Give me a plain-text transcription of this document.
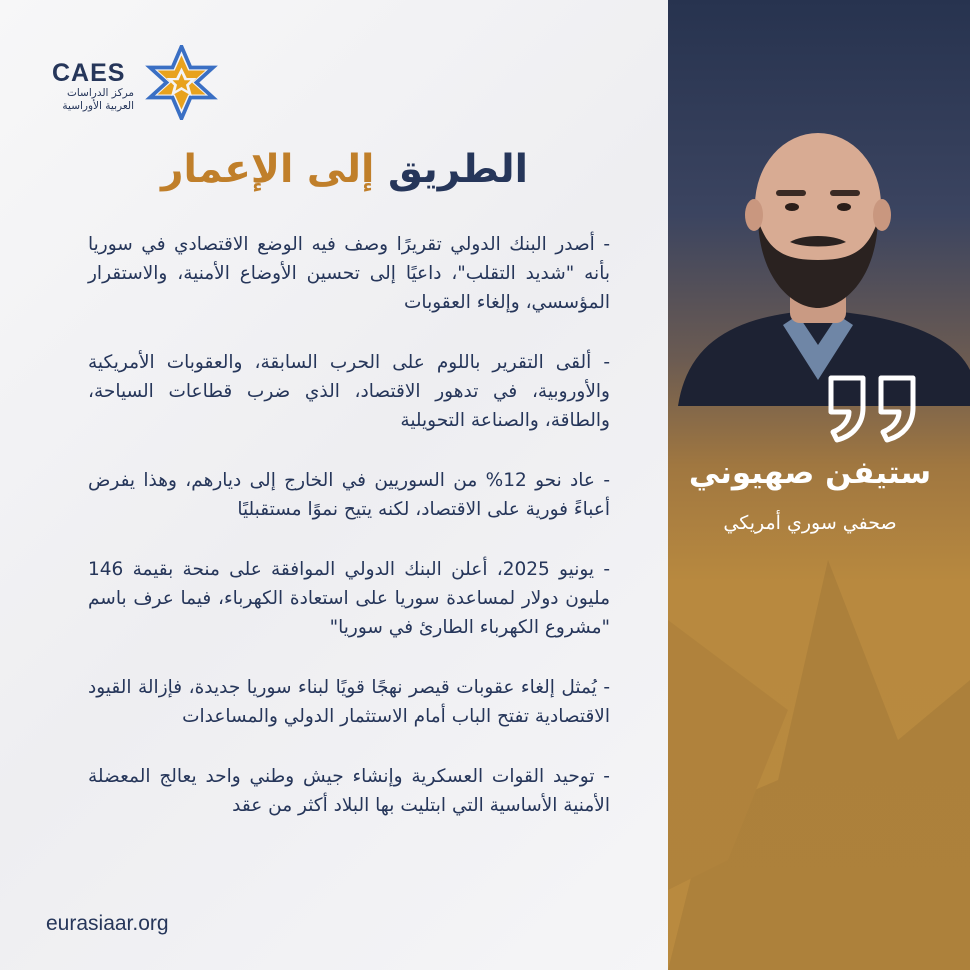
CAES
مركز الدراسات
العربية الأوراسية
الطريق إلى الإعمار
- أصدر البنك الدولي تقريرًا وصف فيه الوضع الاقتصادي في سوريا بأنه "شديد التقلب"، داعيًا إلى تحسين الأوضاع الأمنية، والاستقرار المؤسسي، وإلغاء العقوبات
- ألقى التقرير باللوم على الحرب السابقة، والعقوبات الأمريكية والأوروبية، في تدهور الاقتصاد، الذي ضرب قطاعات السياحة، والطاقة، والصناعة التحويلية
- عاد نحو 12% من السوريين في الخارج إلى ديارهم، وهذا يفرض أعباءً فورية على الاقتصاد، لكنه يتيح نموًا مستقبليًا
- يونيو 2025، أعلن البنك الدولي الموافقة على منحة بقيمة 146 مليون دولار لمساعدة سوريا على استعادة الكهرباء، فيما عرف باسم "مشروع الكهرباء الطارئ في سوريا"
- يُمثل إلغاء عقوبات قيصر نهجًا قويًا لبناء سوريا جديدة، فإزالة القيود الاقتصادية تفتح الباب أمام الاستثمار الدولي والمساعدات
- توحيد القوات العسكرية وإنشاء جيش وطني واحد يعالج المعضلة الأمنية الأساسية التي ابتليت بها البلاد أكثر من عقد
eurasiaar.org
ستيفن صهيوني
صحفي سوري أمريكي
